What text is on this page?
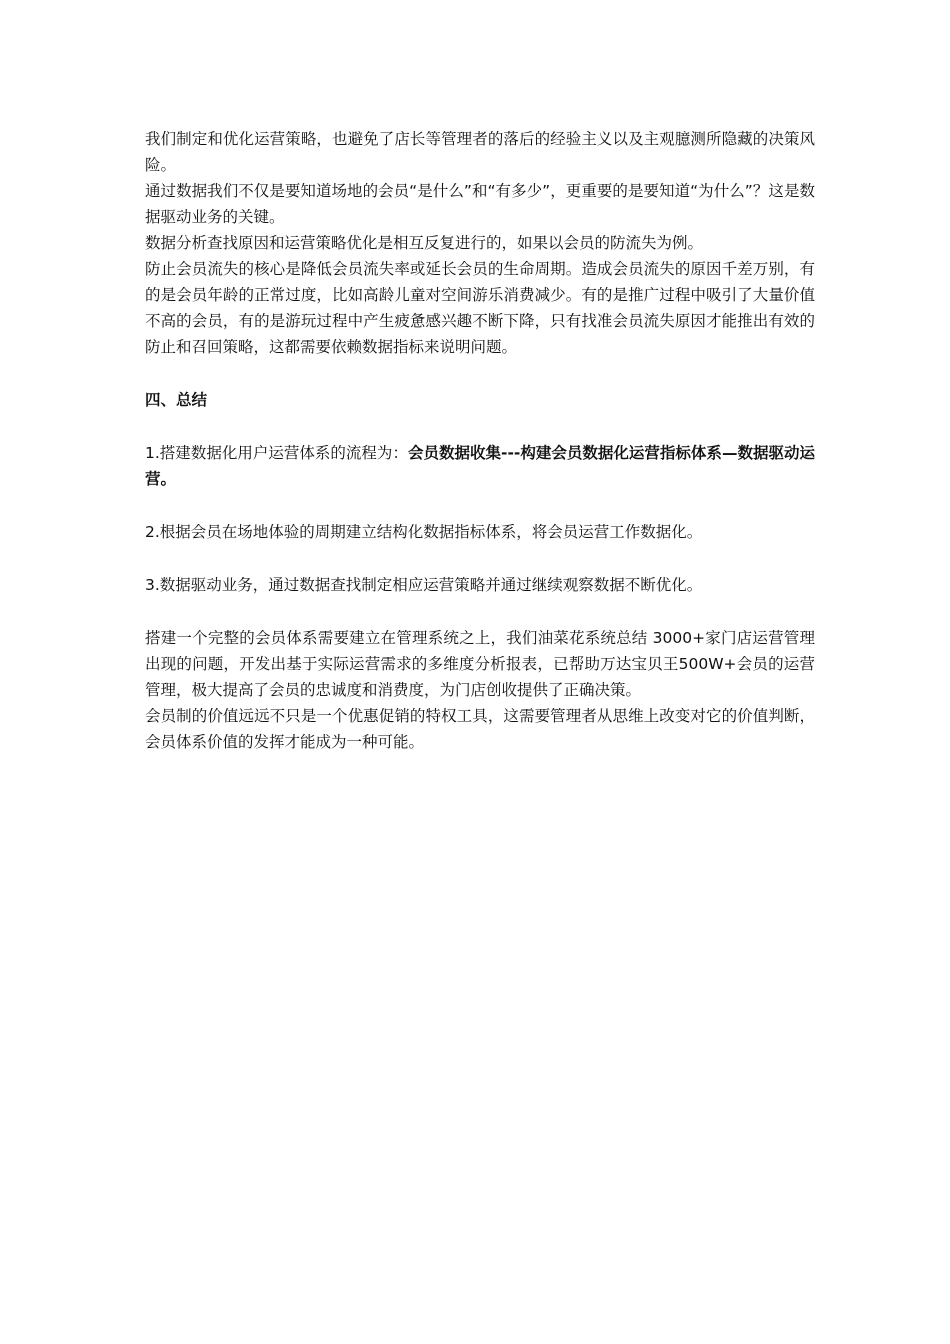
我们制定和优化运营策略，也避免了店长等管理者的落后的经验主义以及主观臆测所隐藏的决策风险。

通过数据我们不仅是要知道场地的会员“是什么”和“有多少”，更重要的是要知道“为什么”？这是数据驱动业务的关键。

数据分析查找原因和运营策略优化是相互反复进行的，如果以会员的防流失为例。

防止会员流失的核心是降低会员流失率或延长会员的生命周期。造成会员流失的原因千差万别，有的是会员年龄的正常过度，比如高龄儿童对空间游乐消费减少。有的是推广过程中吸引了大量价值不高的会员，有的是游玩过程中产生疲惫感兴趣不断下降，只有找准会员流失原因才能推出有效的防止和召回策略，这都需要依赖数据指标来说明问题。

四、总结

1.搭建数据化用户运营体系的流程为：会员数据收集---构建会员数据化运营指标体系—数据驱动运营。

2.根据会员在场地体验的周期建立结构化数据指标体系，将会员运营工作数据化。

3.数据驱动业务，通过数据查找制定相应运营策略并通过继续观察数据不断优化。

搭建一个完整的会员体系需要建立在管理系统之上，我们油菜花系统总结 3000+家门店运营管理出现的问题，开发出基于实际运营需求的多维度分析报表，已帮助万达宝贝王500W+会员的运营管理，极大提高了会员的忠诚度和消费度，为门店创收提供了正确决策。

会员制的价值远远不只是一个优惠促销的特权工具，这需要管理者从思维上改变对它的价值判断，会员体系价值的发挥才能成为一种可能。
